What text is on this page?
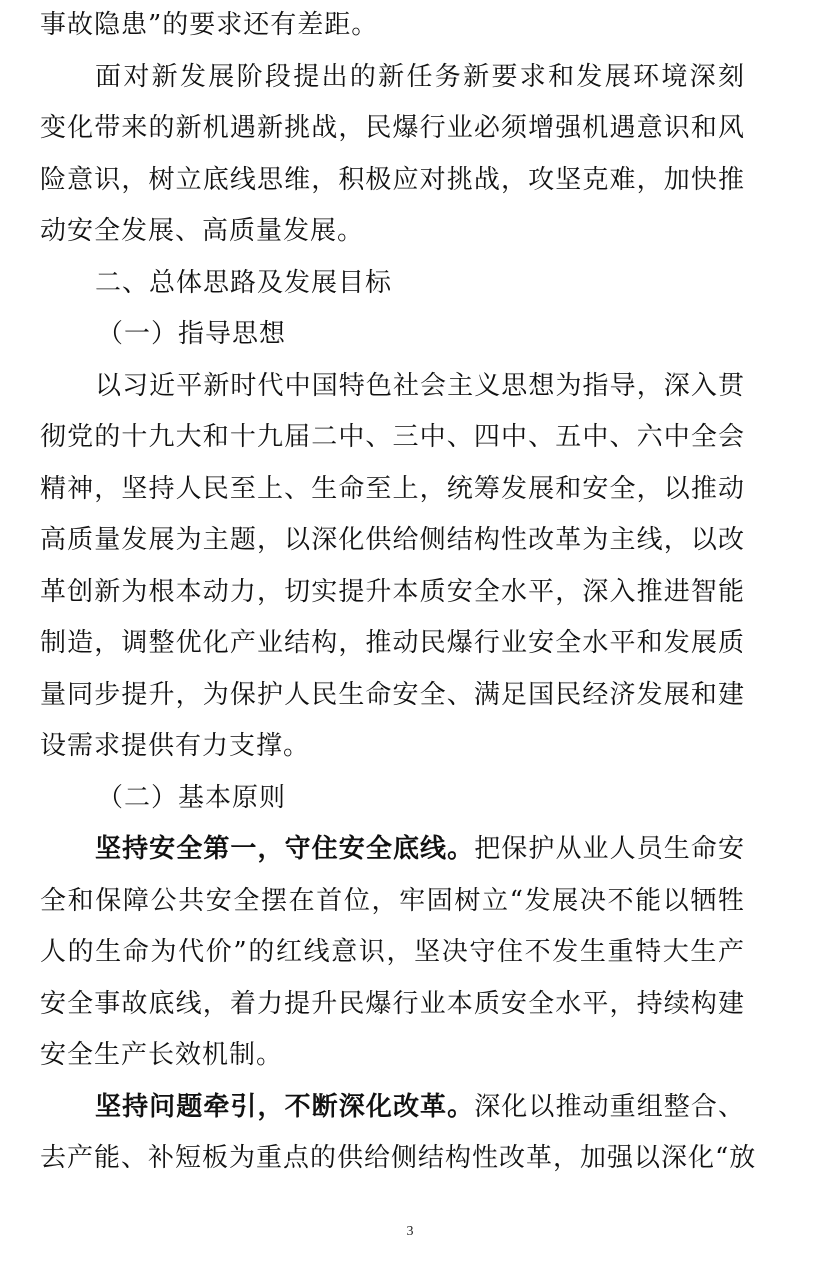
事故隐患”的要求还有差距。
面对新发展阶段提出的新任务新要求和发展环境深刻
变化带来的新机遇新挑战，民爆行业必须增强机遇意识和风
险意识，树立底线思维，积极应对挑战，攻坚克难，加快推
动安全发展、高质量发展。
二、总体思路及发展目标
（一）指导思想
以习近平新时代中国特色社会主义思想为指导，深入贯
彻党的十九大和十九届二中、三中、四中、五中、六中全会
精神，坚持人民至上、生命至上，统筹发展和安全，以推动
高质量发展为主题，以深化供给侧结构性改革为主线，以改
革创新为根本动力，切实提升本质安全水平，深入推进智能
制造，调整优化产业结构，推动民爆行业安全水平和发展质
量同步提升，为保护人民生命安全、满足国民经济发展和建
设需求提供有力支撑。
（二）基本原则
坚持安全第一，守住安全底线。把保护从业人员生命安
全和保障公共安全摆在首位，牢固树立“发展决不能以牺牲
人的生命为代价”的红线意识，坚决守住不发生重特大生产
安全事故底线，着力提升民爆行业本质安全水平，持续构建
安全生产长效机制。
坚持问题牵引，不断深化改革。深化以推动重组整合、
去产能、补短板为重点的供给侧结构性改革，加强以深化“放
3
